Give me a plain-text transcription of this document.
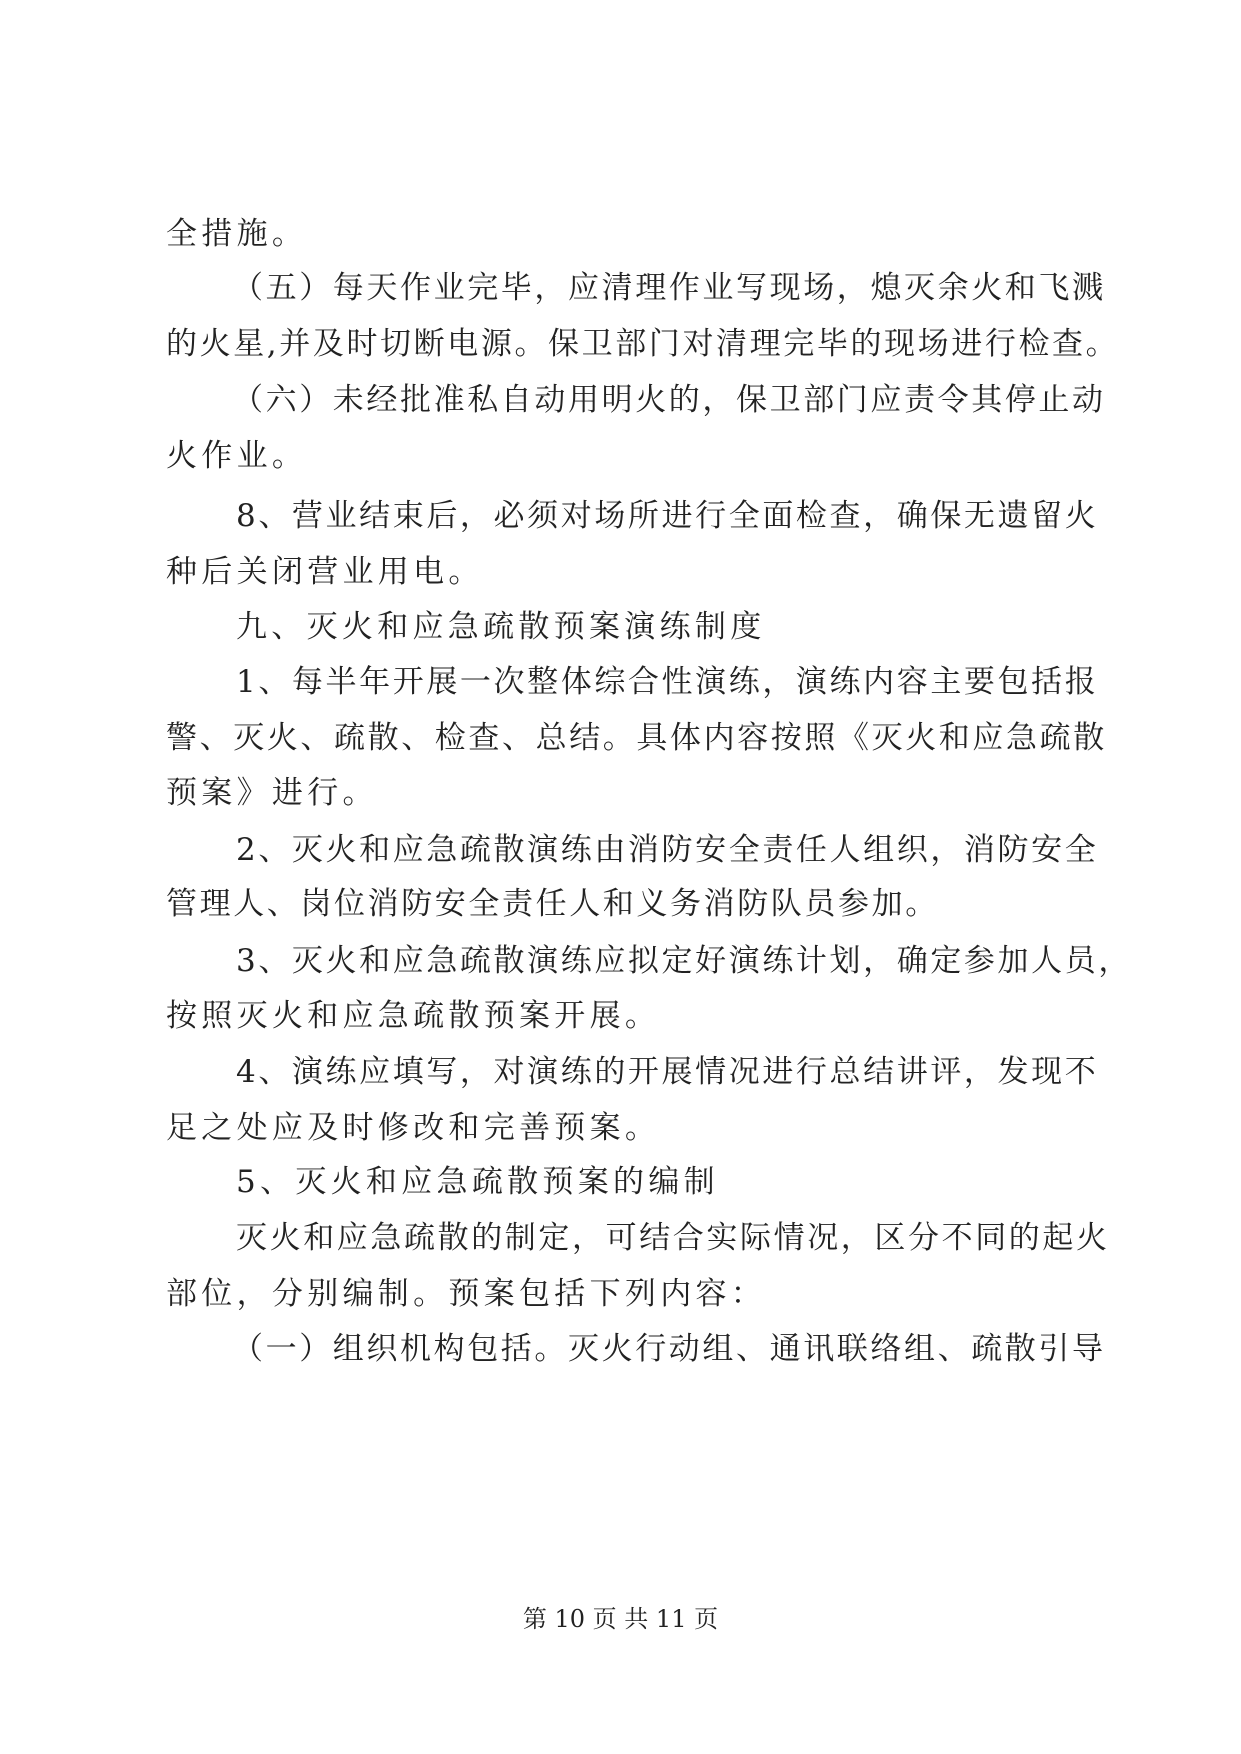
全措施。
（五）每天作业完毕，应清理作业写现场，熄灭余火和飞溅
的火星,并及时切断电源。保卫部门对清理完毕的现场进行检查。
（六）未经批准私自动用明火的，保卫部门应责令其停止动
火作业。
8、营业结束后，必须对场所进行全面检查，确保无遗留火
种后关闭营业用电。
九、灭火和应急疏散预案演练制度
1、每半年开展一次整体综合性演练，演练内容主要包括报
警、灭火、疏散、检查、总结。具体内容按照《灭火和应急疏散
预案》进行。
2、灭火和应急疏散演练由消防安全责任人组织，消防安全
管理人、岗位消防安全责任人和义务消防队员参加。
3、灭火和应急疏散演练应拟定好演练计划，确定参加人员，
按照灭火和应急疏散预案开展。
4、演练应填写，对演练的开展情况进行总结讲评，发现不
足之处应及时修改和完善预案。
5、灭火和应急疏散预案的编制
灭火和应急疏散的制定，可结合实际情况，区分不同的起火
部位，分别编制。预案包括下列内容：
（一）组织机构包括。灭火行动组、通讯联络组、疏散引导
第 10 页 共 11 页
